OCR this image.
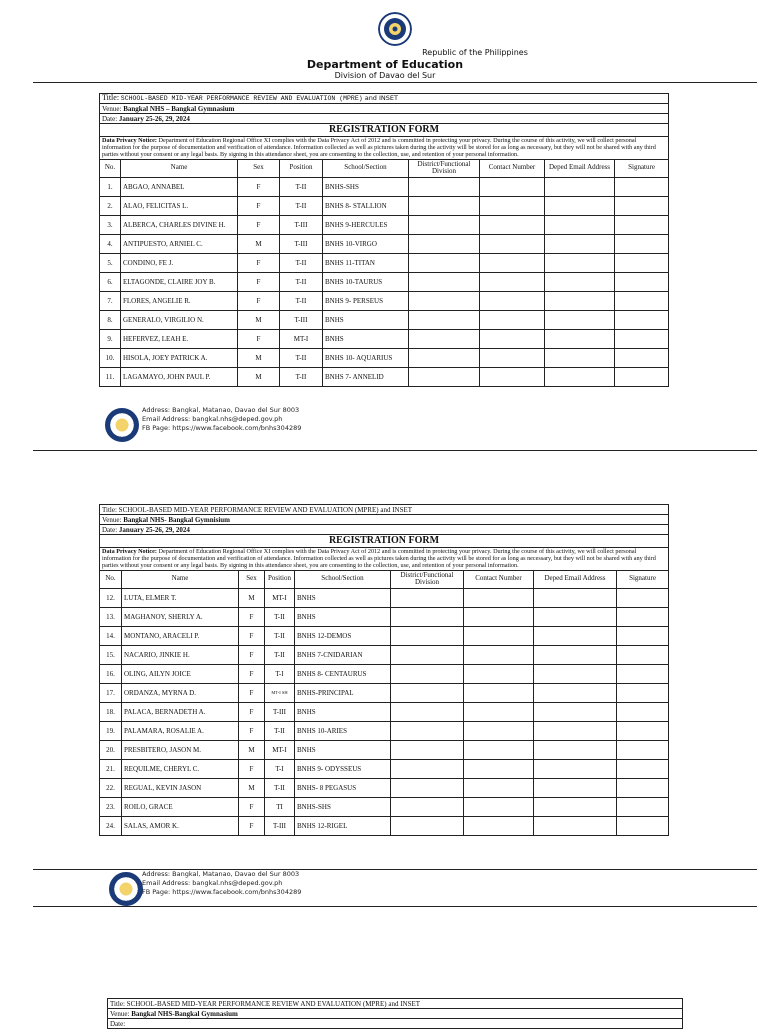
Republic of the Philippines
Department of Education
Division of Davao del Sur
Title: SCHOOL-BASED MID-YEAR PERFORMANCE REVIEW AND EVALUATION (MPRE) and INSET								
Venue: Bangkal NHS – Bangkal Gymnasium								
Date: January 25-26, 29, 2024								
REGISTRATION FORM								
Data Privacy Notice: Department of Education Regional Office XI complies with the Data Privacy Act of 2012 and is committed in protecting your privacy. During the course of this activity, we will collect personal information for the purpose of documentation and verification of attendance. Information collected as well as pictures taken during the activity will be stored for as long as necessary, but they will not be shared with any third parties without your consent or any legal basis. By signing in this attendance sheet, you are consenting to the collection, use, and retention of your personal information.								
No.	Name	Sex	Position	School/Section	District/Functional Division	Contact Number	Deped Email Address	Signature
1.	ABGAO, ANNABEL	F	T-II	BNHS-SHS				
2.	ALAO, FELICITAS L.	F	T-II	BNHS 8- STALLION				
3.	ALBERCA, CHARLES DIVINE H.	F	T-III	BNHS 9-HERCULES				
4.	ANTIPUESTO, ARNIEL C.	M	T-III	BNHS 10-VIRGO				
5.	CONDINO, FE J.	F	T-II	BNHS 11-TITAN				
6.	ELTAGONDE, CLAIRE JOY B.	F	T-II	BNHS 10-TAURUS				
7.	FLORES, ANGELIE R.	F	T-II	BNHS 9- PERSEUS				
8.	GENERALO, VIRGILIO N.	M	T-III	BNHS				
9.	HEFERVEZ, LEAH E.	F	MT-I	BNHS				
10.	HISOLA, JOEY PATRICK A.	M	T-II	BNHS 10- AQUARIUS				
11.	LAGAMAYO, JOHN PAUL P.	M	T-II	BNHS 7- ANNELID				
Address: Bangkal, Matanao, Davao del Sur 8003
Email Address: bangkal.nhs@deped.gov.ph
FB Page: https://www.facebook.com/bnhs304289
Title: SCHOOL-BASED MID-YEAR PERFORMANCE REVIEW AND EVALUATION (MPRE) and INSET								
Venue: Bangkal NHS- Bangkal Gymnisium								
Date: January 25-26, 29, 2024								
REGISTRATION FORM								
Data Privacy Notice: Department of Education Regional Office XI complies with the Data Privacy Act of 2012 and is committed in protecting your privacy. During the course of this activity, we will collect personal information for the purpose of documentation and verification of attendance. Information collected as well as pictures taken during the activity will be stored for as long as necessary, but they will not be shared with any third parties without your consent or any legal basis. By signing in this attendance sheet, you are consenting to the collection, use, and retention of your personal information.								
No.	Name	Sex	Position	School/Section	District/Functional Division	Contact Number	Deped Email Address	Signature
12.	LUTA, ELMER T.	M	MT-I	BNHS				
13.	MAGHANOY, SHERLY A.	F	T-II	BNHS				
14.	MONTANO, ARACELI P.	F	T-II	BNHS 12-DEMOS				
15.	NACARIO, JINKIE H.	F	T-II	BNHS 7-CNIDARIAN				
16.	OLING, AILYN JOICE	F	T-I	BNHS 8- CENTAURUS				
17.	ORDANZA, MYRNA D.	F	MT-I SH	BNHS-PRINCIPAL				
18.	PALACA, BERNADETH A.	F	T-III	BNHS				
19.	PALAMARA, ROSALIE A.	F	T-II	BNHS 10-ARIES				
20.	PRESBITERO, JASON M.	M	MT-I	BNHS				
21.	REQUILME, CHERYL C.	F	T-I	BNHS 9- ODYSSEUS				
22.	REGUAL, KEVIN JASON	M	T-II	BNHS- 8 PEGASUS				
23.	ROILO, GRACE	F	TI	BNHS-SHS				
24.	SALAS, AMOR K.	F	T-III	BNHS 12-RIGEL				
Address: Bangkal, Matanao, Davao del Sur 8003
Email Address: bangkal.nhs@deped.gov.ph
FB Page: https://www.facebook.com/bnhs304289
Title: SCHOOL-BASED MID-YEAR PERFORMANCE REVIEW AND EVALUATION (MPRE) and INSET
Venue: Bangkal NHS-Bangkal Gymnasium
Date:
